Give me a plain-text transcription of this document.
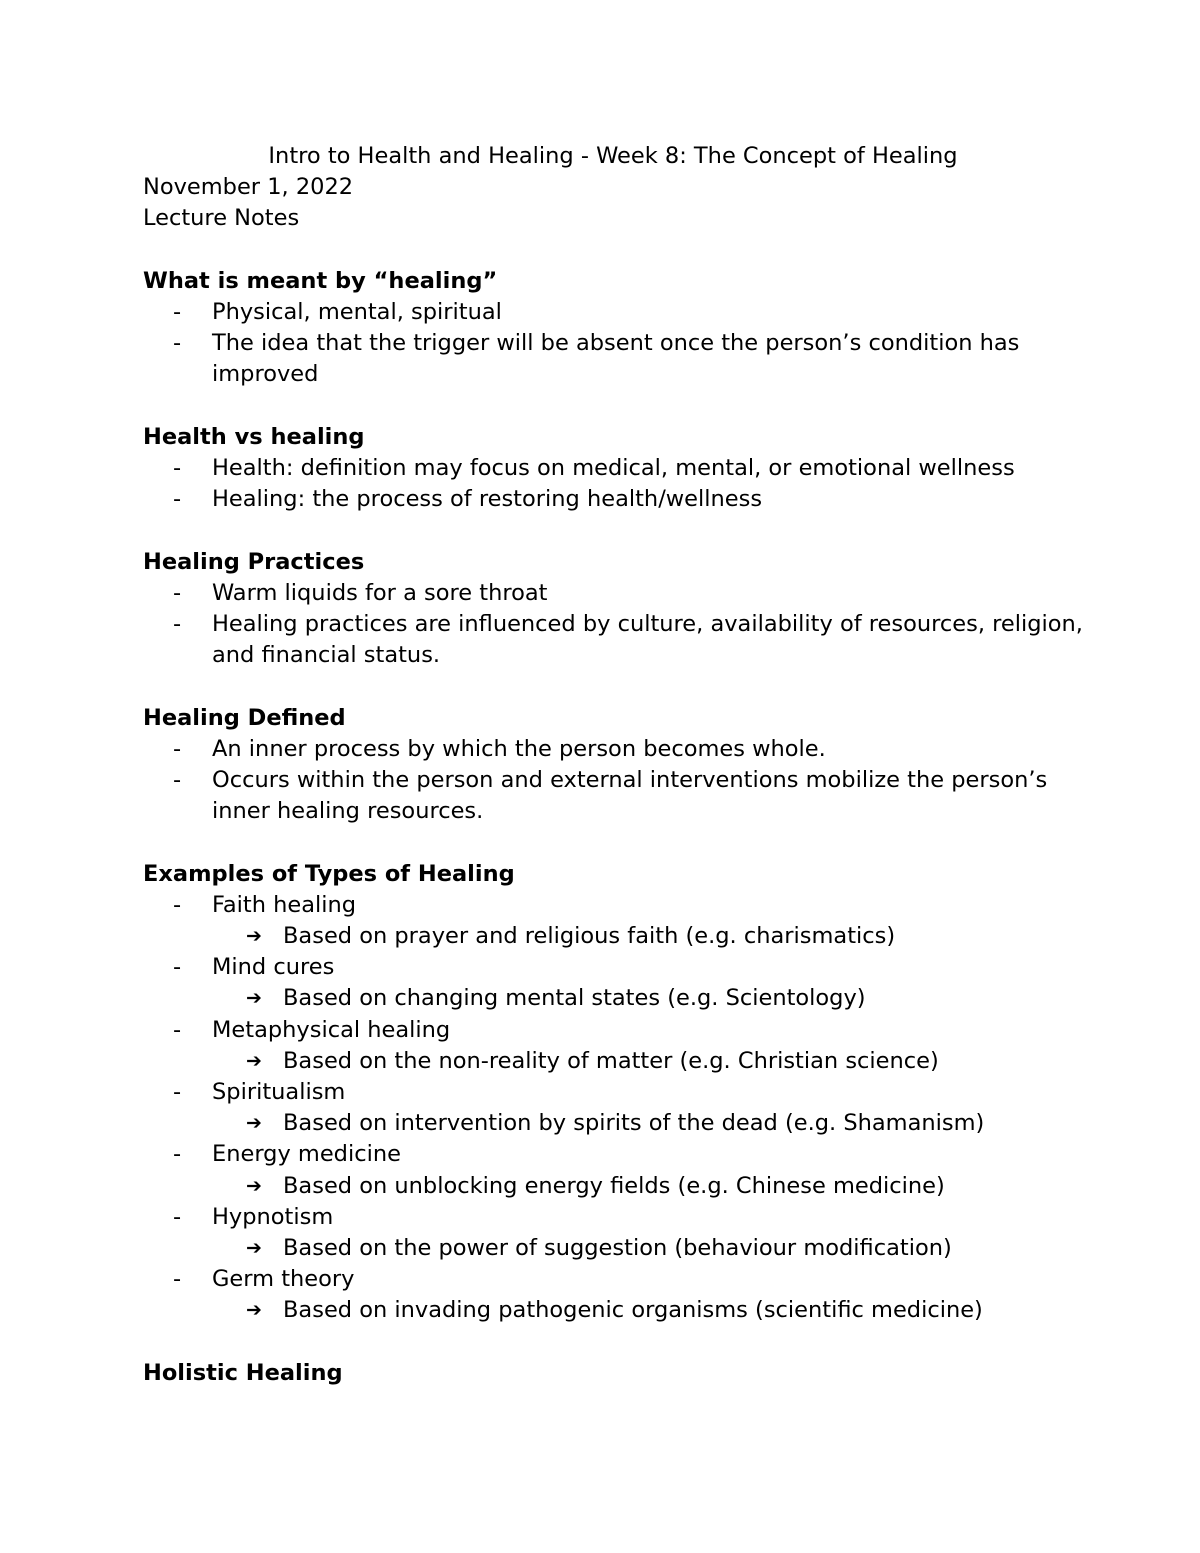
Intro to Health and Healing - Week 8: The Concept of Healing
November 1, 2022
Lecture Notes
What is meant by “healing”
-	Physical, mental, spiritual
-	The idea that the trigger will be absent once the person’s condition has improved
Health vs healing
-	Health: definition may focus on medical, mental, or emotional wellness
-	Healing: the process of restoring health/wellness
Healing Practices
-	Warm liquids for a sore throat
-	Healing practices are influenced by culture, availability of resources, religion, and financial status.
Healing Defined
-	An inner process by which the person becomes whole.
-	Occurs within the person and external interventions mobilize the person’s inner healing resources.
Examples of Types of Healing
-	Faith healing
➔ Based on prayer and religious faith (e.g. charismatics)
-	Mind cures
➔ Based on changing mental states (e.g. Scientology)
-	Metaphysical healing
➔ Based on the non-reality of matter (e.g. Christian science)
-	Spiritualism
➔ Based on intervention by spirits of the dead (e.g. Shamanism)
-	Energy medicine
➔ Based on unblocking energy fields (e.g. Chinese medicine)
-	Hypnotism
➔ Based on the power of suggestion (behaviour modification)
-	Germ theory
➔ Based on invading pathogenic organisms (scientific medicine)
Holistic Healing
